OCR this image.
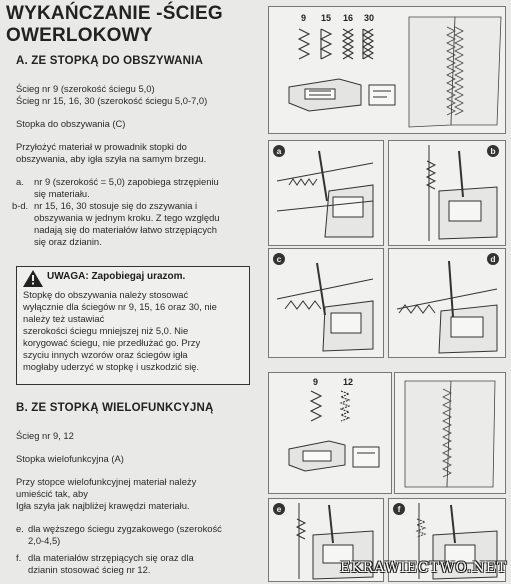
WYKAŃCZANIE -ŚCIEG
OWERLOKOWY
A. ZE STOPKĄ DO OBSZYWANIA
Ścieg nr 9 (szerokość ściegu 5,0)
Ścieg nr 15, 16, 30 (szerokość ściegu 5,0-7,0)
Stopka do obszywania (C)
Przyłożyć materiał w prowadnik stopki do
obszywania, aby igła szyła na samym brzegu.
a. nr 9 (szerokość = 5,0) zapobiega strzępieniu
się materiału.
b-d. nr 15, 16, 30 stosuje się do zszywania i
obszywania w jednym kroku. Z tego względu
nadają się do materiałów łatwo strzępiących
się oraz dzianin.
UWAGA: Zapobiegaj urazom.
Stopkę do obszywania należy stosować
wyłącznie dla ściegów nr 9, 15, 16 oraz 30, nie
należy też ustawiać
szerokości ściegu mniejszej niż 5,0. Nie
korygować ściegu, nie przedłużać go. Przy
szyciu innych wzorów oraz ściegów igła
mogłaby uderzyć w stopkę i uszkodzić się.
B. ZE STOPKĄ WIELOFUNKCYJNĄ
Ścieg nr 9, 12
Stopka wielofunkcyjna (A)
Przy stopce wielofunkcyjnej materiał należy
umieścić tak, aby
Igła szyła jak najbliżej krawędzi materiału.
e. dla węższego ściegu zygzakowego (szerokość
2,0-4,5)
f. dla materiałów strzępiących się oraz dla
dzianin stosować ścieg nr 12.
9 15 16 30
a	b
c	d
9	12
e	f
EKRAWIECTWO.NET
